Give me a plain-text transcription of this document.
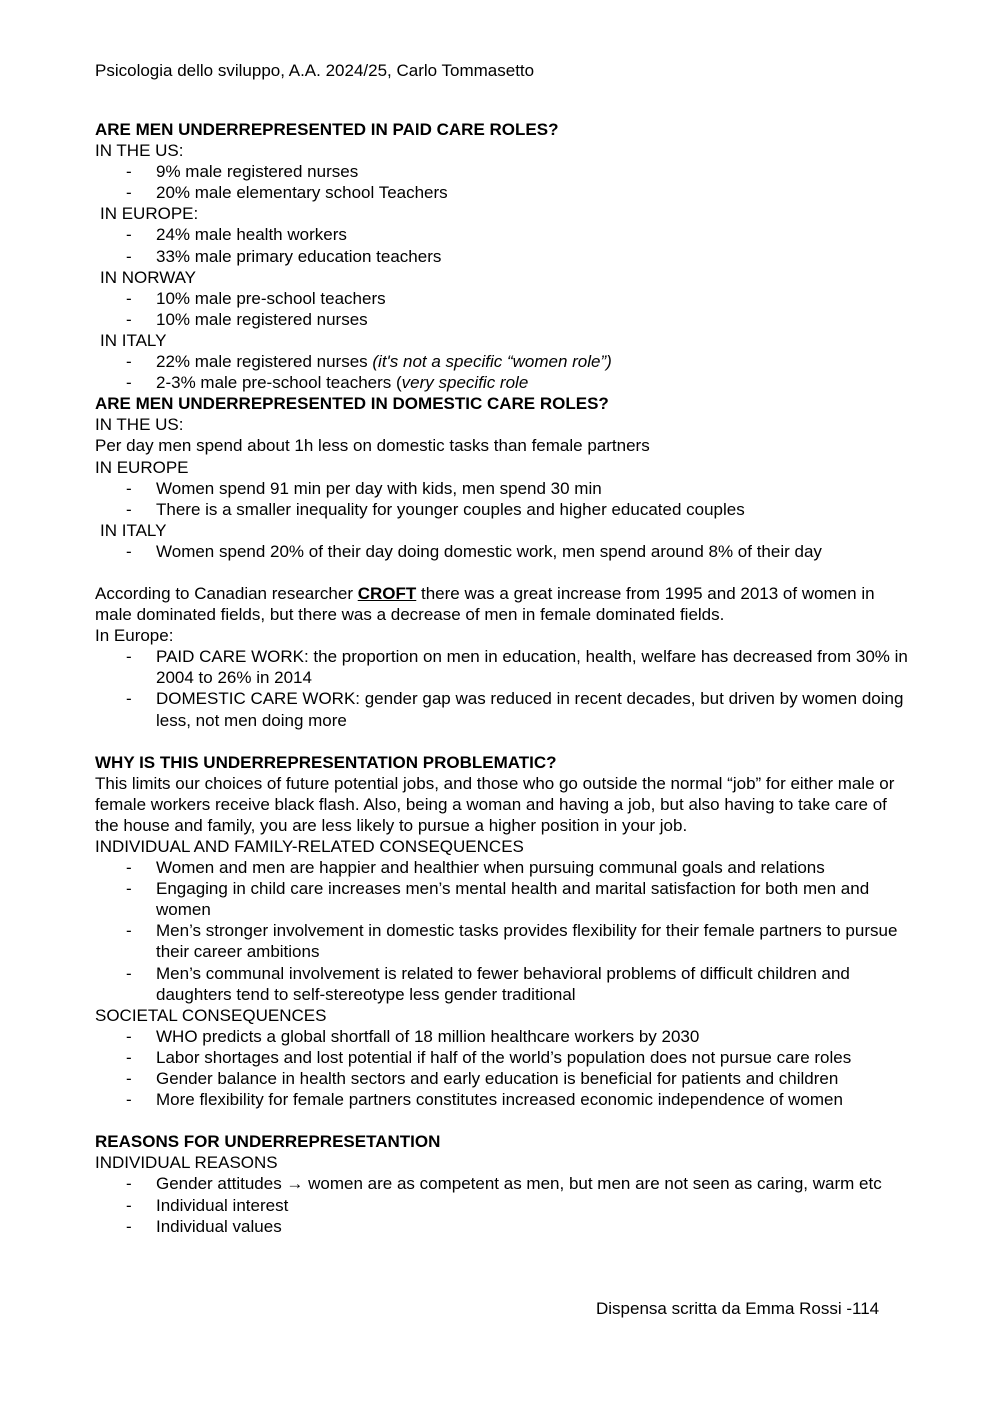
Psicologia dello sviluppo, A.A. 2024/25, Carlo Tommasetto
ARE MEN UNDERREPRESENTED IN PAID CARE ROLES?
IN THE US:
- 9% male registered nurses
- 20% male elementary school Teachers
IN EUROPE:
- 24% male health workers
- 33% male primary education teachers
IN NORWAY
- 10% male pre-school teachers
- 10% male registered nurses
IN ITALY
- 22% male registered nurses (it's not a specific “women role”)
- 2-3% male pre-school teachers (very specific role
ARE MEN UNDERREPRESENTED IN DOMESTIC CARE ROLES?
IN THE US:
Per day men spend about 1h less on domestic tasks than female partners
IN EUROPE
- Women spend 91 min per day with kids, men spend 30 min
- There is a smaller inequality for younger couples and higher educated couples
IN ITALY
- Women spend 20% of their day doing domestic work, men spend around 8% of their day
According to Canadian researcher CROFT there was a great increase from 1995 and 2013 of women in male dominated fields, but there was a decrease of men in female dominated fields.
In Europe:
- PAID CARE WORK: the proportion on men in education, health, welfare has decreased from 30% in 2004 to 26% in 2014
- DOMESTIC CARE WORK: gender gap was reduced in recent decades, but driven by women doing less, not men doing more
WHY IS THIS UNDERREPRESENTATION PROBLEMATIC?
This limits our choices of future potential jobs, and those who go outside the normal “job” for either male or female workers receive black flash. Also, being a woman and having a job, but also having to take care of the house and family, you are less likely to pursue a higher position in your job.
INDIVIDUAL AND FAMILY-RELATED CONSEQUENCES
- Women and men are happier and healthier when pursuing communal goals and relations
- Engaging in child care increases men’s mental health and marital satisfaction for both men and women
- Men’s stronger involvement in domestic tasks provides flexibility for their female partners to pursue their career ambitions
- Men’s communal involvement is related to fewer behavioral problems of difficult children and daughters tend to self-stereotype less gender traditional
SOCIETAL CONSEQUENCES
- WHO predicts a global shortfall of 18 million healthcare workers by 2030
- Labor shortages and lost potential if half of the world’s population does not pursue care roles
- Gender balance in health sectors and early education is beneficial for patients and children
- More flexibility for female partners constitutes increased economic independence of women
REASONS FOR UNDERREPRESETANTION
INDIVIDUAL REASONS
- Gender attitudes → women are as competent as men, but men are not seen as caring, warm etc
- Individual interest
- Individual values
Dispensa scritta da Emma Rossi -114
